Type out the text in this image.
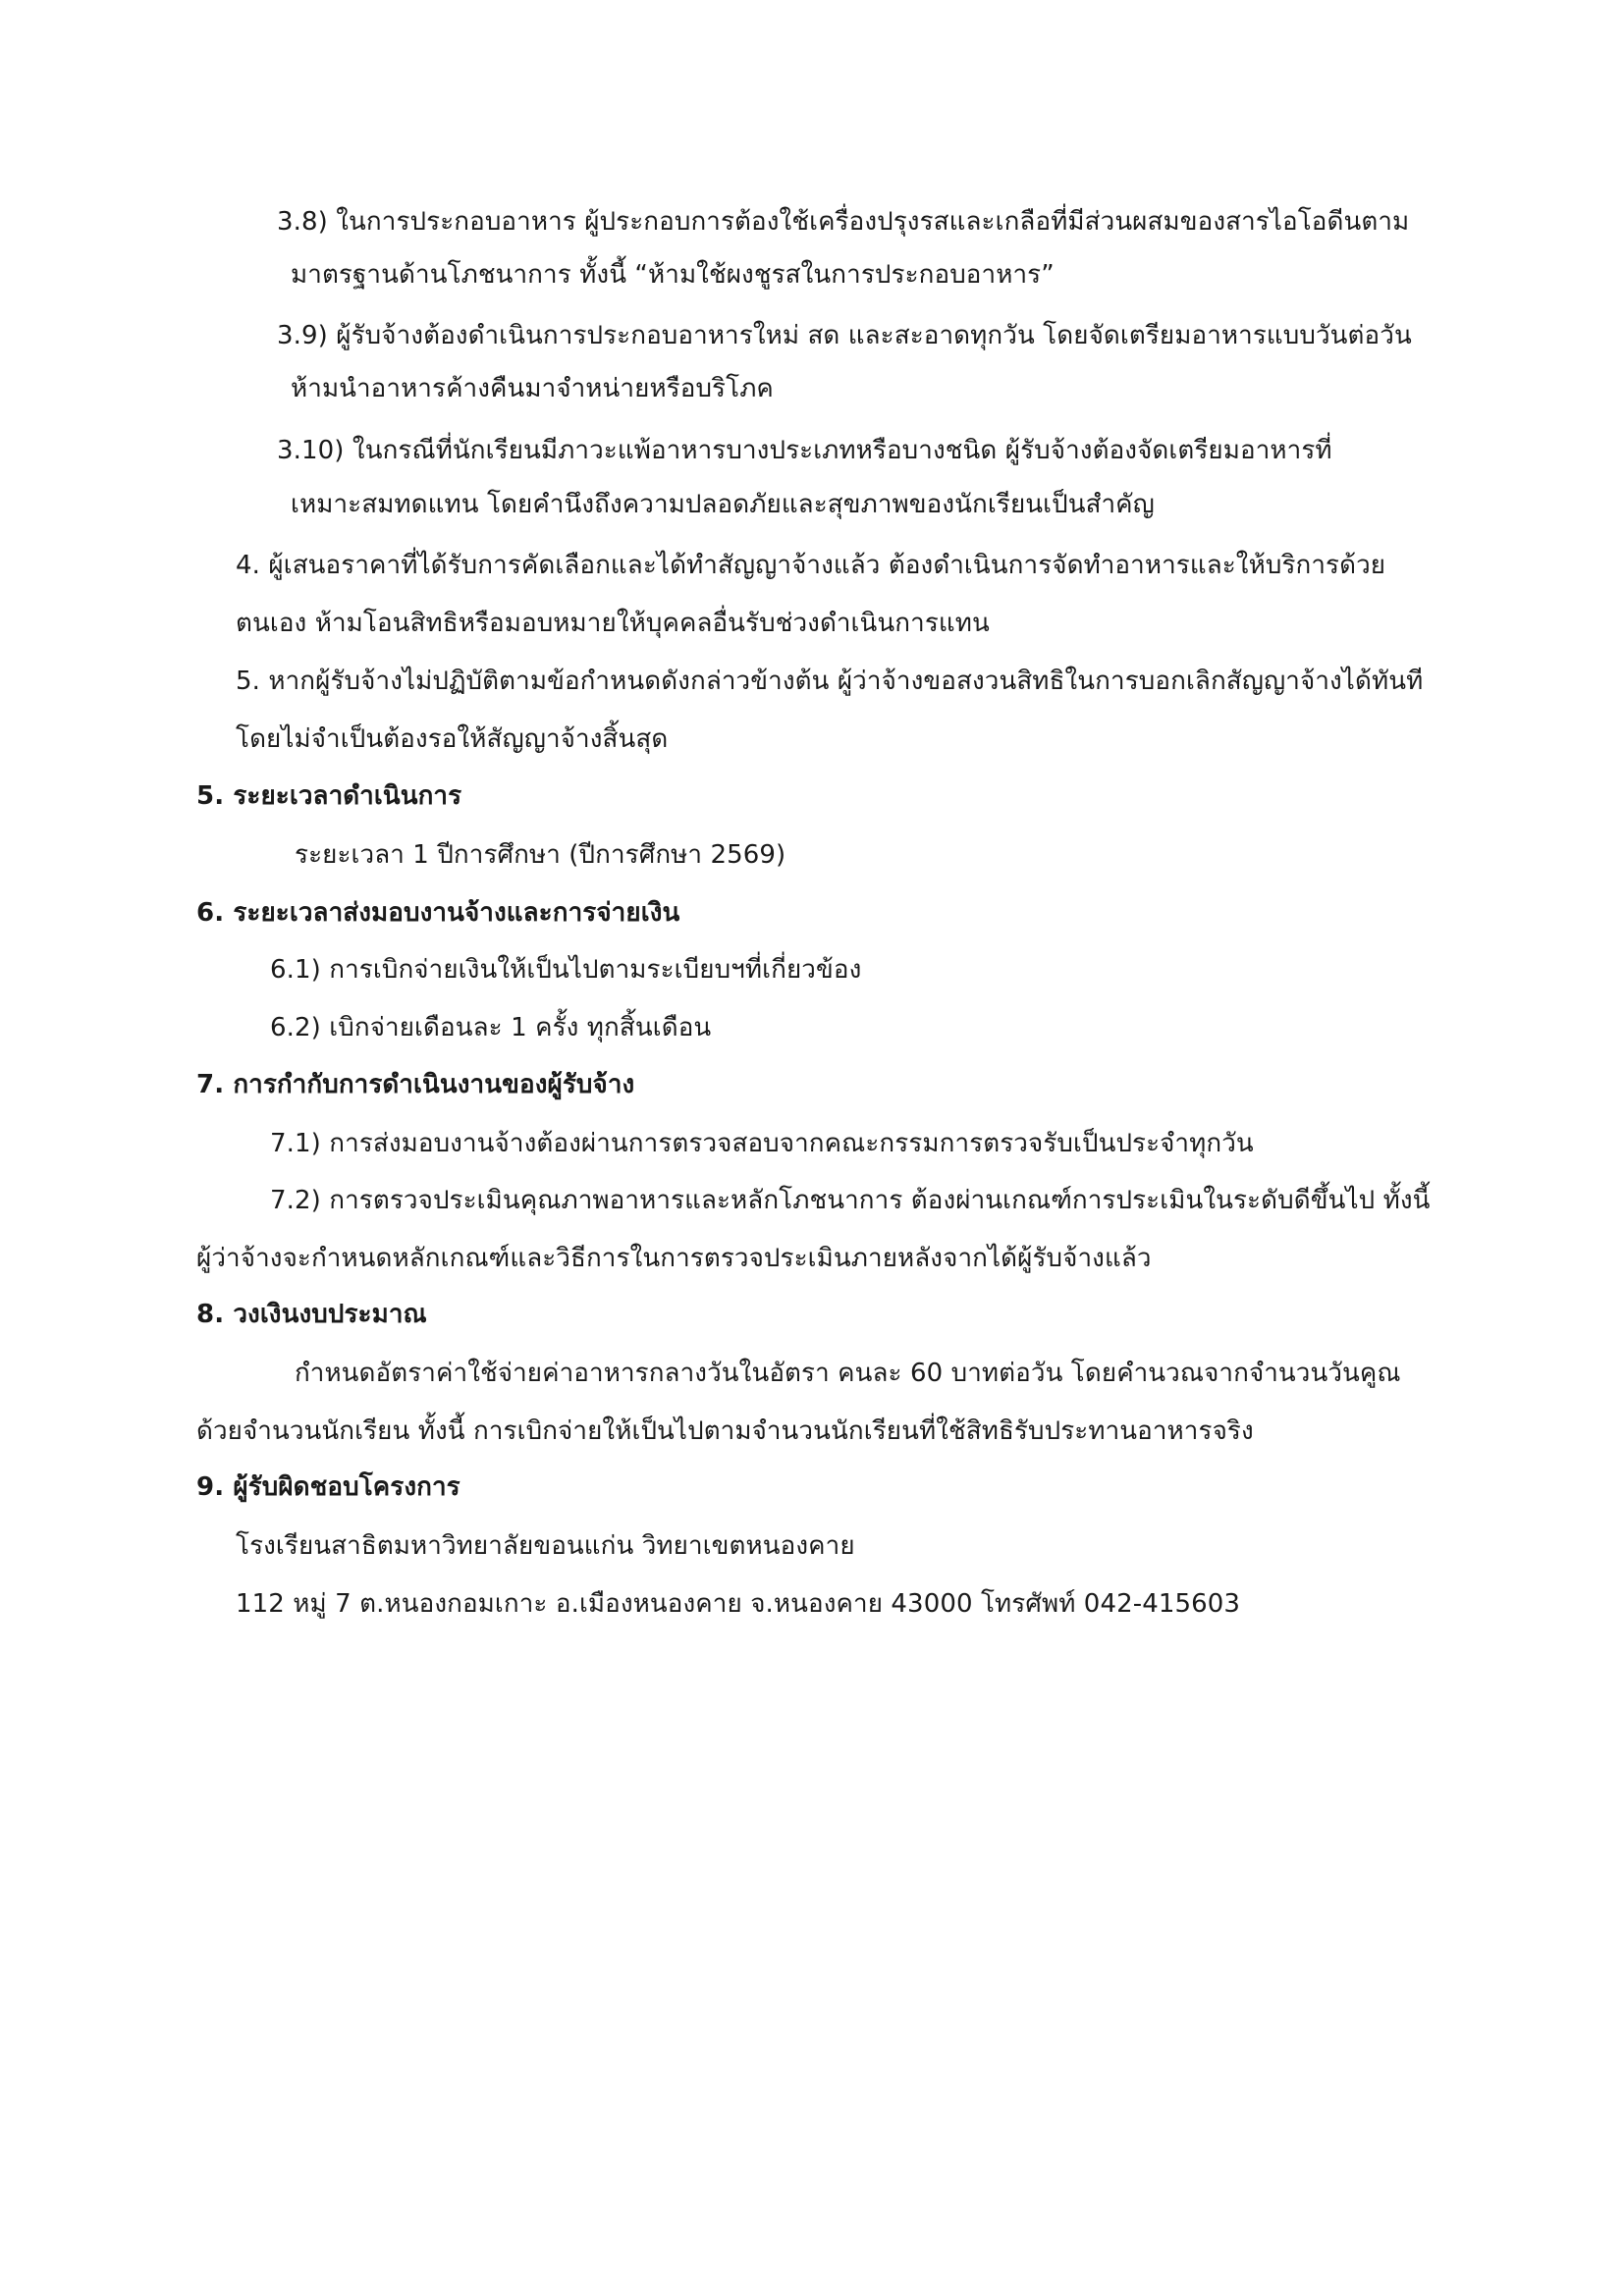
3.8) ในการประกอบอาหาร ผู้ประกอบการต้องใช้เครื่องปรุงรสและเกลือที่มีส่วนผสมของสารไอโอดีนตาม
มาตรฐานด้านโภชนาการ ทั้งนี้ “ห้ามใช้ผงชูรสในการประกอบอาหาร”
3.9) ผู้รับจ้างต้องดำเนินการประกอบอาหารใหม่ สด และสะอาดทุกวัน โดยจัดเตรียมอาหารแบบวันต่อวัน
ห้ามนำอาหารค้างคืนมาจำหน่ายหรือบริโภค
3.10) ในกรณีที่นักเรียนมีภาวะแพ้อาหารบางประเภทหรือบางชนิด ผู้รับจ้างต้องจัดเตรียมอาหารที่
เหมาะสมทดแทน โดยคำนึงถึงความปลอดภัยและสุขภาพของนักเรียนเป็นสำคัญ
4. ผู้เสนอราคาที่ได้รับการคัดเลือกและได้ทำสัญญาจ้างแล้ว ต้องดำเนินการจัดทำอาหารและให้บริการด้วย
ตนเอง ห้ามโอนสิทธิหรือมอบหมายให้บุคคลอื่นรับช่วงดำเนินการแทน
5. หากผู้รับจ้างไม่ปฏิบัติตามข้อกำหนดดังกล่าวข้างต้น ผู้ว่าจ้างขอสงวนสิทธิในการบอกเลิกสัญญาจ้างได้ทันที
โดยไม่จำเป็นต้องรอให้สัญญาจ้างสิ้นสุด
5. ระยะเวลาดำเนินการ
ระยะเวลา 1 ปีการศึกษา (ปีการศึกษา 2569)
6. ระยะเวลาส่งมอบงานจ้างและการจ่ายเงิน
6.1) การเบิกจ่ายเงินให้เป็นไปตามระเบียบฯที่เกี่ยวข้อง
6.2) เบิกจ่ายเดือนละ 1 ครั้ง ทุกสิ้นเดือน
7. การกำกับการดำเนินงานของผู้รับจ้าง
7.1) การส่งมอบงานจ้างต้องผ่านการตรวจสอบจากคณะกรรมการตรวจรับเป็นประจำทุกวัน
7.2) การตรวจประเมินคุณภาพอาหารและหลักโภชนาการ ต้องผ่านเกณฑ์การประเมินในระดับดีขึ้นไป ทั้งนี้
ผู้ว่าจ้างจะกำหนดหลักเกณฑ์และวิธีการในการตรวจประเมินภายหลังจากได้ผู้รับจ้างแล้ว
8. วงเงินงบประมาณ
กำหนดอัตราค่าใช้จ่ายค่าอาหารกลางวันในอัตรา คนละ 60 บาทต่อวัน โดยคำนวณจากจำนวนวันคูณ
ด้วยจำนวนนักเรียน ทั้งนี้ การเบิกจ่ายให้เป็นไปตามจำนวนนักเรียนที่ใช้สิทธิรับประทานอาหารจริง
9. ผู้รับผิดชอบโครงการ
โรงเรียนสาธิตมหาวิทยาลัยขอนแก่น วิทยาเขตหนองคาย
112 หมู่ 7 ต.หนองกอมเกาะ อ.เมืองหนองคาย จ.หนองคาย 43000 โทรศัพท์ 042-415603
